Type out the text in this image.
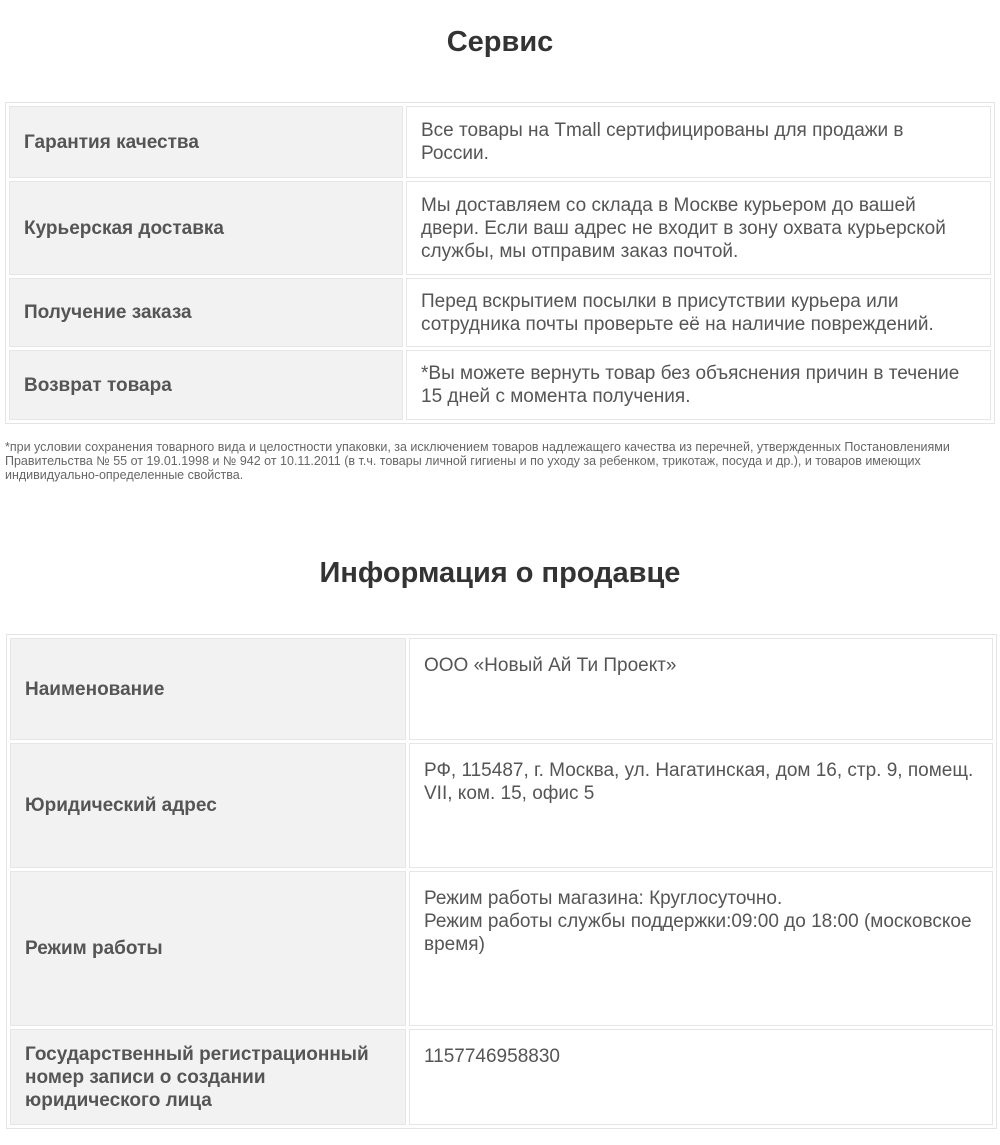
Сервис
Гарантия качества	Все товары на Tmall сертифицированы для продажи в России.
Курьерская доставка	Мы доставляем со склада в Москве курьером до вашей двери. Если ваш адрес не входит в зону охвата курьерской службы, мы отправим заказ почтой.
Получение заказа	Перед вскрытием посылки в присутствии курьера или сотрудника почты проверьте её на наличие повреждений.
Возврат товара	*Вы можете вернуть товар без объяснения причин в течение 15 дней с момента получения.

*при условии сохранения товарного вида и целостности упаковки, за исключением товаров надлежащего качества из перечней, утвержденных Постановлениями Правительства № 55 от 19.01.1998 и № 942 от 10.11.2011 (в т.ч. товары личной гигиены и по уходу за ребенком, трикотаж, посуда и др.), и товаров имеющих индивидуально-определенные свойства.

Информация о продавце
Наименование	ООО «Новый Ай Ти Проект»
Юридический адрес	РФ, 115487, г. Москва, ул. Нагатинская, дом 16, стр. 9, помещ. VII, ком. 15, офис 5
Режим работы	Режим работы магазина: Круглосуточно.
Режим работы службы поддержки:09:00 до 18:00 (московское время)
Государственный регистрационный номер записи о создании юридического лица	1157746958830
